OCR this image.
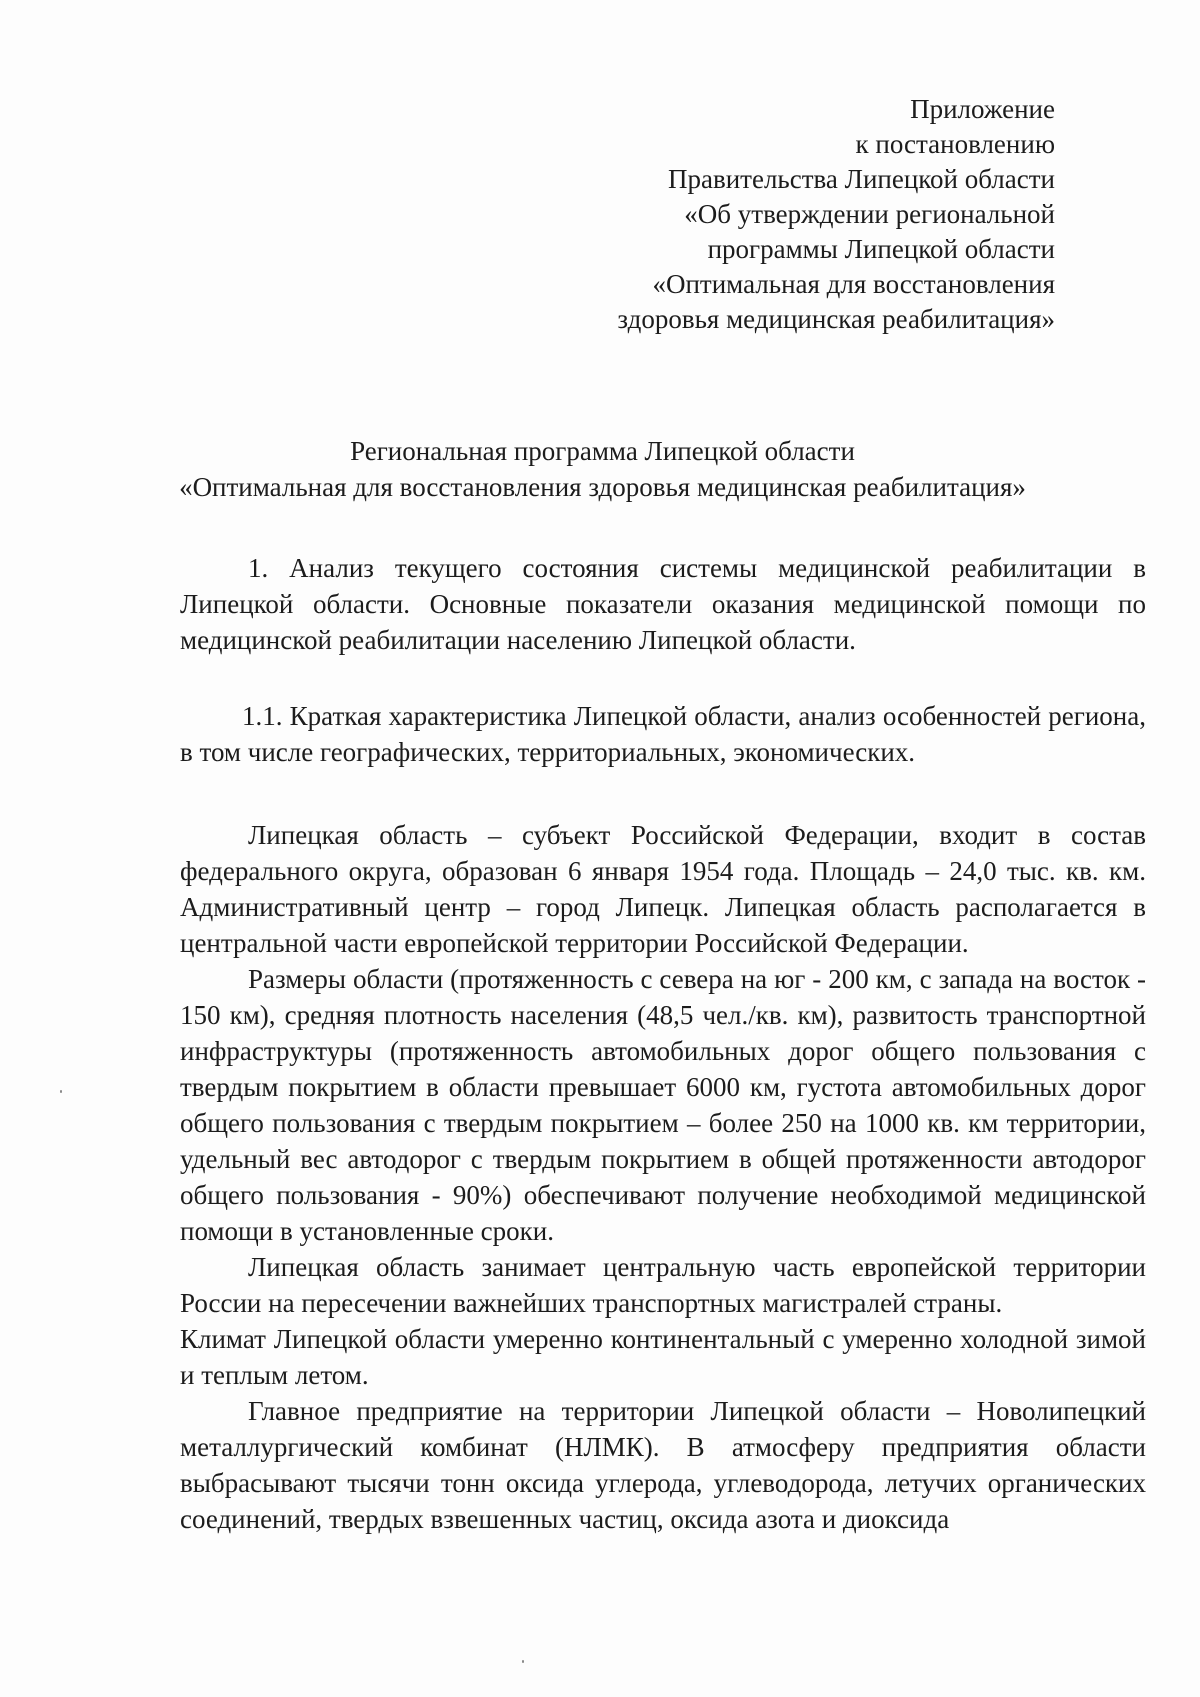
Приложение
к постановлению
Правительства Липецкой области
«Об утверждении региональной
программы Липецкой области
«Оптимальная для восстановления
здоровья медицинская реабилитация»
Региональная программа Липецкой области
«Оптимальная для восстановления здоровья медицинская реабилитация»

1. Анализ текущего состояния системы медицинской реабилитации в Липецкой области. Основные показатели оказания медицинской помощи по медицинской реабилитации населению Липецкой области.

1.1. Краткая характеристика Липецкой области, анализ особенностей региона, в том числе географических, территориальных, экономических.

Липецкая область – субъект Российской Федерации, входит в состав федерального округа, образован 6 января 1954 года. Площадь – 24,0 тыс. кв. км. Административный центр – город Липецк. Липецкая область располагается в центральной части европейской территории Российской Федерации.

Размеры области (протяженность с севера на юг - 200 км, с запада на восток - 150 км), средняя плотность населения (48,5 чел./кв. км), развитость транспортной инфраструктуры (протяженность автомобильных дорог общего пользования с твердым покрытием в области превышает 6000 км, густота автомобильных дорог общего пользования с твердым покрытием – более 250 на 1000 кв. км территории, удельный вес автодорог с твердым покрытием в общей протяженности автодорог общего пользования - 90%) обеспечивают получение необходимой медицинской помощи в установленные сроки.

Липецкая область занимает центральную часть европейской территории России на пересечении важнейших транспортных магистралей страны.

Климат Липецкой области умеренно континентальный с умеренно холодной зимой и теплым летом.

Главное предприятие на территории Липецкой области – Новолипецкий металлургический комбинат (НЛМК). В атмосферу предприятия области выбрасывают тысячи тонн оксида углерода, углеводорода, летучих органических соединений, твердых взвешенных частиц, оксида азота и диоксида
